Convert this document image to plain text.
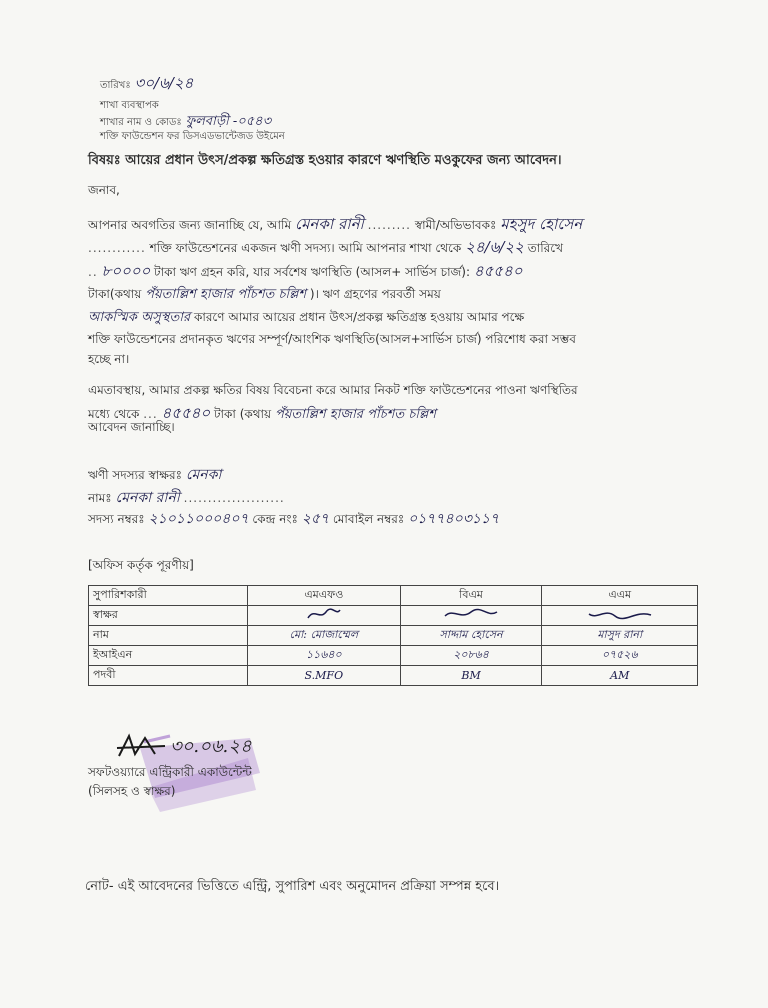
তারিখঃ ৩০/৬/২৪
শাখা ব্যবস্থাপক
শাখার নাম ও কোডঃ ফুলবাড়ী -০৫৪৩
শক্তি ফাউন্ডেশন ফর ডিসএডভান্টেজড উইমেন
বিষয়ঃ আয়ের প্রধান উৎস/প্রকল্প ক্ষতিগ্রস্ত হওয়ার কারণে ঋণস্থিতি মওকুফের জন্য আবেদন।
জনাব,
আপনার অবগতির জন্য জানাচ্ছি যে, আমি মেনকা রানী ......... স্বামী/অভিভাবকঃ মহসুদ হোসেন
............ শক্তি ফাউন্ডেশনের একজন ঋণী সদস্য। আমি আপনার শাখা থেকে ২৪/৬/২২ তারিখে
.. ৮০০০০ টাকা ঋণ গ্রহন করি, যার সর্বশেষ ঋণস্থিতি (আসল+ সার্ভিস চার্জ): ৪৫৫৪০
টাকা(কথায় পঁয়তাল্লিশ হাজার পাঁচশত চল্লিশ )। ঋণ গ্রহণের পরবর্তী সময়
আকস্মিক অসুস্থতার কারণে আমার আয়ের প্রধান উৎস/প্রকল্প ক্ষতিগ্রস্ত হওয়ায় আমার পক্ষে
শক্তি ফাউন্ডেশনের প্রদানকৃত ঋণের সম্পূর্ণ/আংশিক ঋণস্থিতি(আসল+সার্ভিস চার্জ) পরিশোধ করা সম্ভব
হচ্ছে না।
এমতাবস্থায়, আমার প্রকল্প ক্ষতির বিষয় বিবেচনা করে আমার নিকট শক্তি ফাউন্ডেশনের পাওনা ঋণস্থিতির
মধ্যে থেকে ... ৪৫৫৪০ টাকা (কথায় পঁয়তাল্লিশ হাজার পাঁচশত চল্লিশ
আবেদন জানাচ্ছি।
ঋণী সদস্যর স্বাক্ষরঃ মেনকা
নামঃ মেনকা রানী .....................
সদস্য নম্বরঃ ২১০১১০০০৪০৭ কেন্দ্র নংঃ ২৫৭ মোবাইল নম্বরঃ ০১৭৭৪০৩১১৭
[অফিস কর্তৃক পূরণীয়]
সুপারিশকারী	এমএফও	বিএম	এএম
স্বাক্ষর			
নাম	মো: মোজাম্মেল	সাদ্দাম হোসেন	মাসুদ রানা
ইআইএন	১১৬৪০	২০৮৬৪	০৭৫২৬
পদবী	S.MFO	BM	AM
৩০.০৬.২৪
সফটওয়্যারে এন্ট্রিকারী একাউন্টেন্ট
(সিলসহ ও স্বাক্ষর)
নোট- এই আবেদনের ভিত্তিতে এন্ট্রি, সুপারিশ এবং অনুমোদন প্রক্রিয়া সম্পন্ন হবে।
